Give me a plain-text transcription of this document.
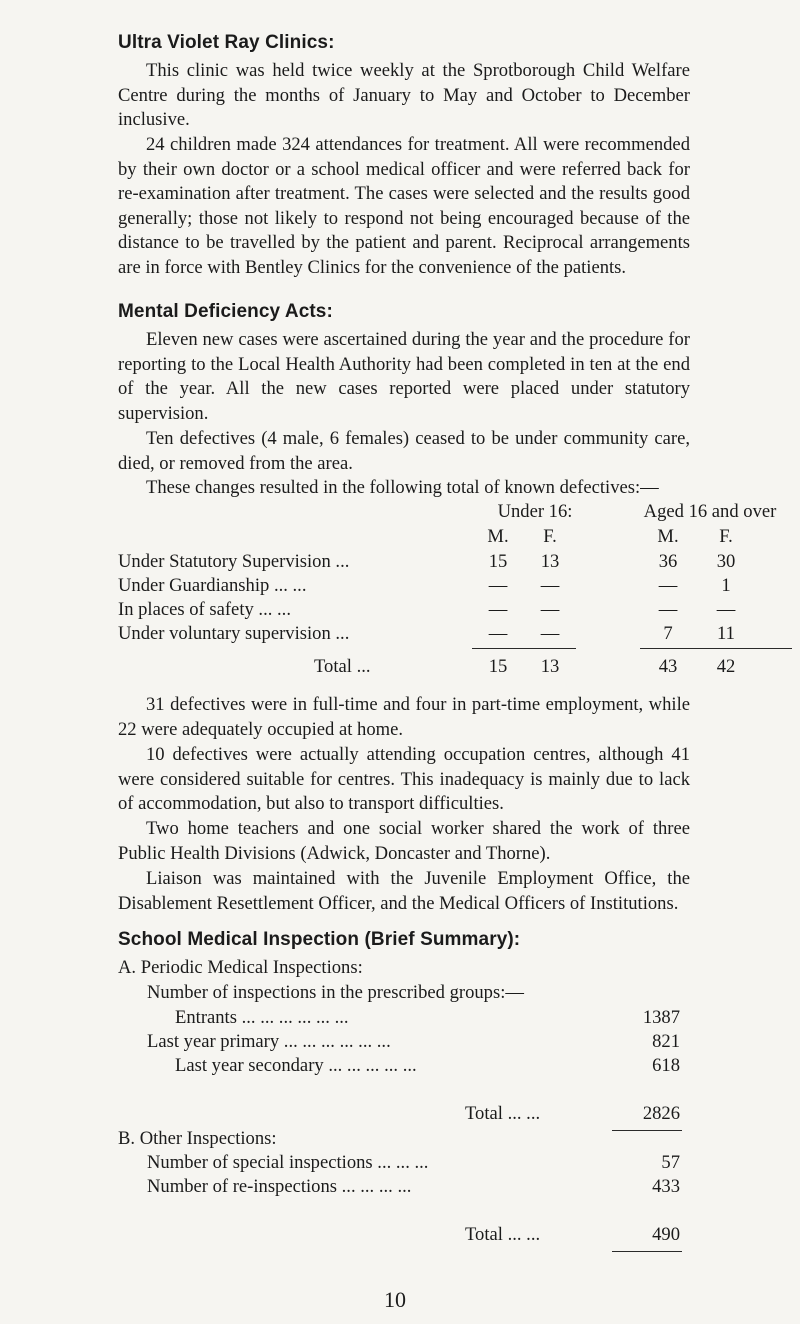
Ultra Violet Ray Clinics:

This clinic was held twice weekly at the Sprotborough Child Welfare Centre during the months of January to May and October to December inclusive.

24 children made 324 attendances for treatment. All were recommended by their own doctor or a school medical officer and were referred back for re-examination after treatment. The cases were selected and the results good generally; those not likely to respond not being encouraged because of the distance to be travelled by the patient and parent. Reciprocal arrangements are in force with Bentley Clinics for the convenience of the patients.

Mental Deficiency Acts:

Eleven new cases were ascertained during the year and the procedure for reporting to the Local Health Authority had been completed in ten at the end of the year. All the new cases reported were placed under statutory supervision.

Ten defectives (4 male, 6 females) ceased to be under community care, died, or removed from the area.

These changes resulted in the following total of known defectives:—

Under 16:	Aged 16 and over
M.	F.	M.	F.
Under Statutory Supervision ...	15	13	36	30
Under Guardianship ... ...	—	—	—	1
In places of safety ... ...	—	—	—	—
Under voluntary supervision ...	—	—	7	11
Total ...	15	13	43	42

31 defectives were in full-time and four in part-time employment, while 22 were adequately occupied at home.

10 defectives were actually attending occupation centres, although 41 were considered suitable for centres. This inadequacy is mainly due to lack of accommodation, but also to transport difficulties.

Two home teachers and one social worker shared the work of three Public Health Divisions (Adwick, Doncaster and Thorne).

Liaison was maintained with the Juvenile Employment Office, the Disablement Resettlement Officer, and the Medical Officers of Institutions.

School Medical Inspection (Brief Summary):
A. Periodic Medical Inspections:
Number of inspections in the prescribed groups:—
Entrants ... ... ... ... ... ...	1387
Last year primary ... ... ... ... ... ...	821
Last year secondary ... ... ... ... ...	618
Total ... ...	2826
B. Other Inspections:
Number of special inspections ... ... ...	57
Number of re-inspections ... ... ... ...	433
Total ... ...	490
10
